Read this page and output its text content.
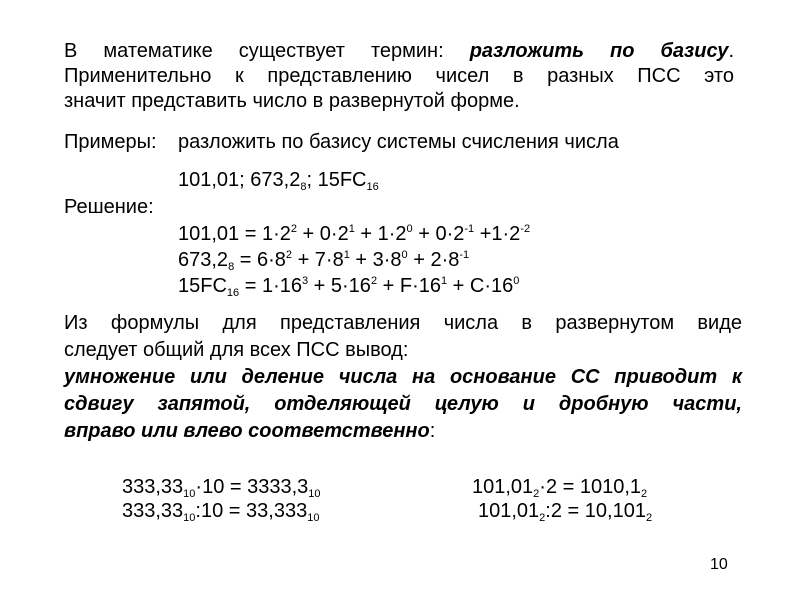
В математике существует термин: разложить по базису.
Применительно к представлению чисел в разных ПСС это
значит представить число в развернутой форме.
Примеры: разложить по базису системы счисления числа
101,01; $673,2_8$; $15FC_{16}$
Решение:
$101,01 = 1\cdot 2^2 + 0\cdot 2^1 + 1\cdot 2^0 + 0\cdot 2^{-1} +1\cdot 2^{-2}$
$673,2_8 = 6\cdot 8^2 + 7\cdot 8^1 + 3\cdot 8^0 + 2\cdot 8^{-1}$
$15FC_{16} = 1\cdot 16^3 + 5\cdot 16^2 + F\cdot 16^1 + C\cdot 16^0$
Из формулы для представления числа в развернутом виде
следует общий для всех ПСС вывод:
умножение или деление числа на основание СС приводит к
сдвигу запятой, отделяющей целую и дробную части,
вправо или влево соответственно:
$333,33_{10}\cdot 10 = 3333,3_{10}$
$333,33_{10}:10 = 33,333_{10}$
$101,01_2\cdot 2 = 1010,1_2$
$101,01_2:2 = 10,101_2$
10
